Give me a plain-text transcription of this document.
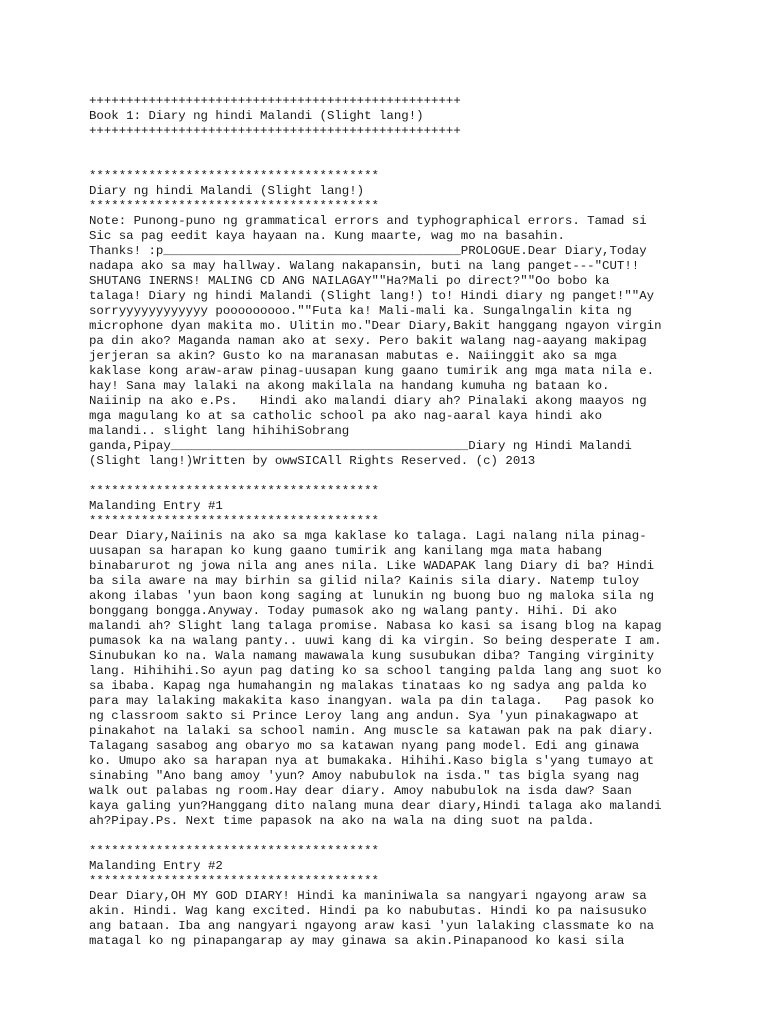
++++++++++++++++++++++++++++++++++++++++++++++++++
Book 1: Diary ng hindi Malandi (Slight lang!)
++++++++++++++++++++++++++++++++++++++++++++++++++
***************************************
Diary ng hindi Malandi (Slight lang!)
***************************************
Note: Punong-puno ng grammatical errors and typhographical errors. Tamad si
Sic sa pag eedit kaya hayaan na. Kung maarte, wag mo na basahin.
Thanks! :p________________________________________PROLOGUE.Dear Diary,Today
nadapa ako sa may hallway. Walang nakapansin, buti na lang panget---"CUT!!
SHUTANG INERNS! MALING CD ANG NAILAGAY""Ha?Mali po direct?""Oo bobo ka
talaga! Diary ng hindi Malandi (Slight lang!) to! Hindi diary ng panget!""Ay
sorryyyyyyyyyyyy pooooooooo.""Futa ka! Mali-mali ka. Sungalngalin kita ng
microphone dyan makita mo. Ulitin mo."Dear Diary,Bakit hanggang ngayon virgin
pa din ako? Maganda naman ako at sexy. Pero bakit walang nag-aayang makipag
jerjeran sa akin? Gusto ko na maranasan mabutas e. Naiinggit ako sa mga
kaklase kong araw-araw pinag-uusapan kung gaano tumirik ang mga mata nila e.
hay! Sana may lalaki na akong makilala na handang kumuha ng bataan ko.
Naiinip na ako e.Ps.   Hindi ako malandi diary ah? Pinalaki akong maayos ng
mga magulang ko at sa catholic school pa ako nag-aaral kaya hindi ako
malandi.. slight lang hihihiSobrang
ganda,Pipay________________________________________Diary ng Hindi Malandi
(Slight lang!)Written by owwSICAll Rights Reserved. (c) 2013
***************************************
Malanding Entry #1
***************************************
Dear Diary,Naiinis na ako sa mga kaklase ko talaga. Lagi nalang nila pinag-
uusapan sa harapan ko kung gaano tumirik ang kanilang mga mata habang
binabarurot ng jowa nila ang anes nila. Like WADAPAK lang Diary di ba? Hindi
ba sila aware na may birhin sa gilid nila? Kainis sila diary. Natemp tuloy
akong ilabas 'yun baon kong saging at lunukin ng buong buo ng maloka sila ng
bonggang bongga.Anyway. Today pumasok ako ng walang panty. Hihi. Di ako
malandi ah? Slight lang talaga promise. Nabasa ko kasi sa isang blog na kapag
pumasok ka na walang panty.. uuwi kang di ka virgin. So being desperate I am.
Sinubukan ko na. Wala namang mawawala kung susubukan diba? Tanging virginity
lang. Hihihihi.So ayun pag dating ko sa school tanging palda lang ang suot ko
sa ibaba. Kapag nga humahangin ng malakas tinataas ko ng sadya ang palda ko
para may lalaking makakita kaso inangyan. wala pa din talaga.   Pag pasok ko
ng classroom sakto si Prince Leroy lang ang andun. Sya 'yun pinakagwapo at
pinakahot na lalaki sa school namin. Ang muscle sa katawan pak na pak diary.
Talagang sasabog ang obaryo mo sa katawan nyang pang model. Edi ang ginawa
ko. Umupo ako sa harapan nya at bumakaka. Hihihi.Kaso bigla s'yang tumayo at
sinabing "Ano bang amoy 'yun? Amoy nabubulok na isda." tas bigla syang nag
walk out palabas ng room.Hay dear diary. Amoy nabubulok na isda daw? Saan
kaya galing yun?Hanggang dito nalang muna dear diary,Hindi talaga ako malandi
ah?Pipay.Ps. Next time papasok na ako na wala na ding suot na palda.
***************************************
Malanding Entry #2
***************************************
Dear Diary,OH MY GOD DIARY! Hindi ka maniniwala sa nangyari ngayong araw sa
akin. Hindi. Wag kang excited. Hindi pa ko nabubutas. Hindi ko pa naisusuko
ang bataan. Iba ang nangyari ngayong araw kasi 'yun lalaking classmate ko na
matagal ko ng pinapangarap ay may ginawa sa akin.Pinapanood ko kasi sila
